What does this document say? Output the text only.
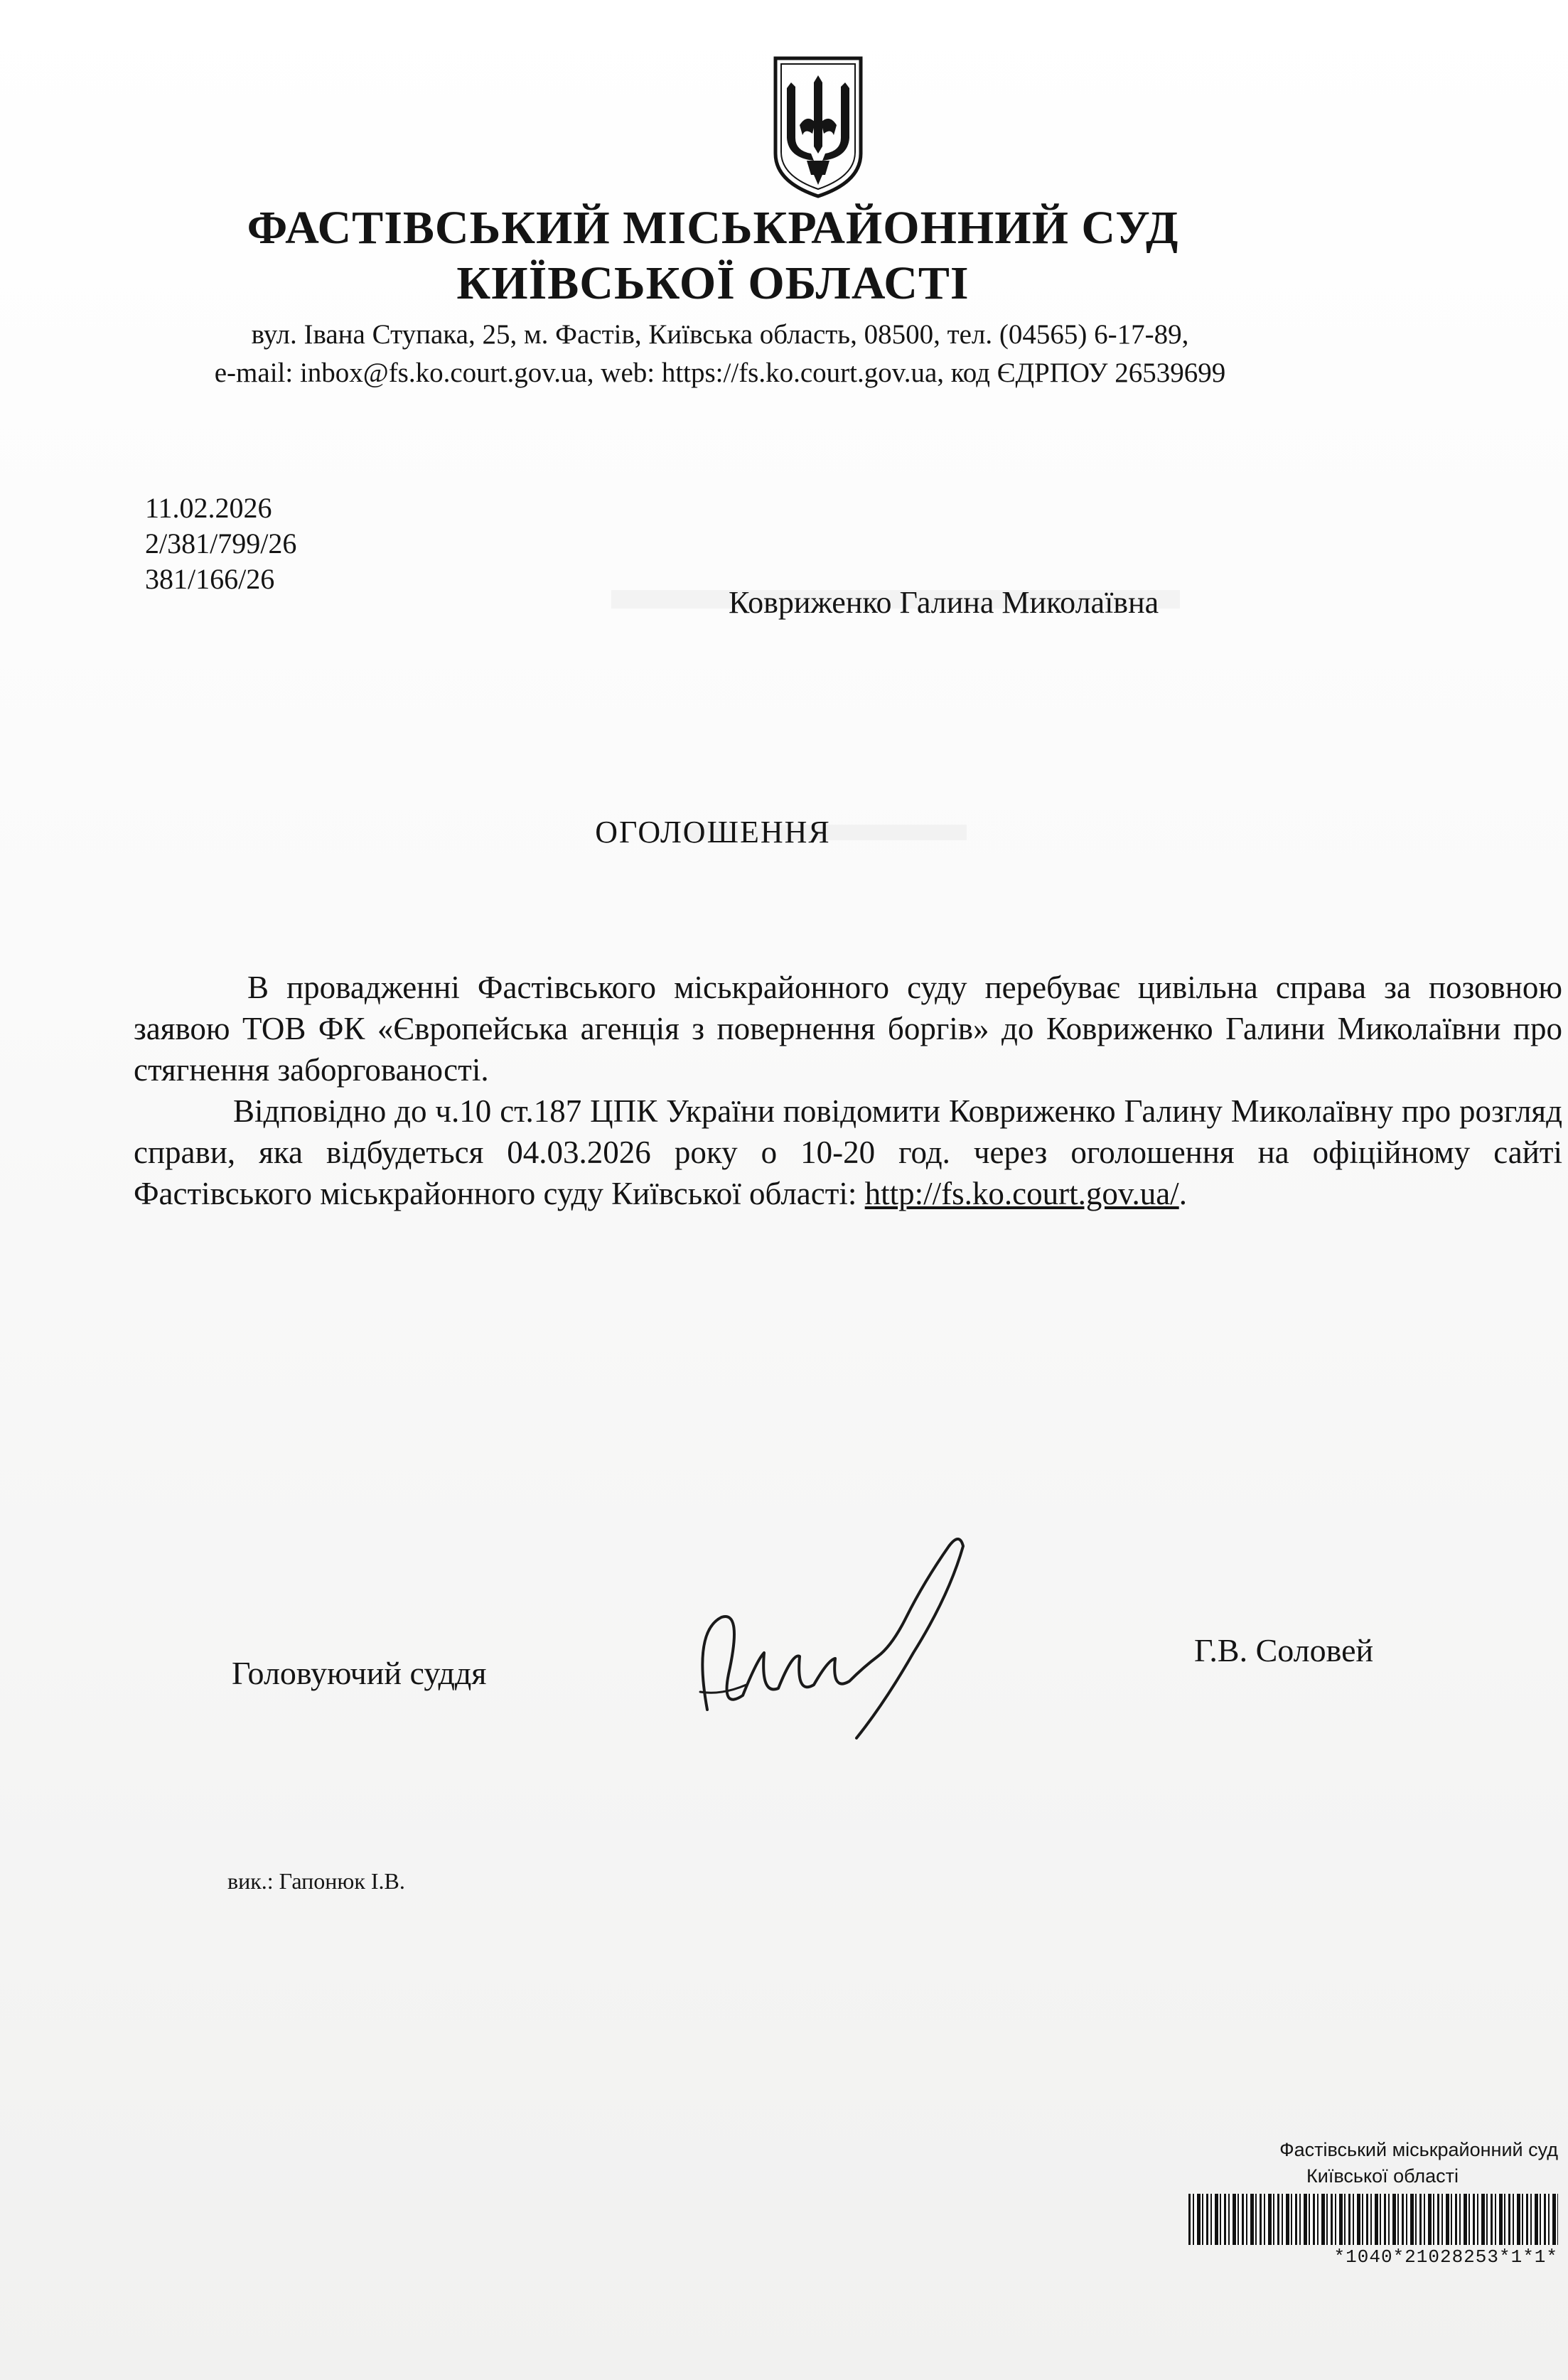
ФАСТІВСЬКИЙ МІСЬКРАЙОННИЙ СУД
КИЇВСЬКОЇ ОБЛАСТІ
вул. Івана Ступака, 25, м. Фастів, Київська область, 08500, тел. (04565) 6-17-89,
e-mail: inbox@fs.ko.court.gov.ua, web: https://fs.ko.court.gov.ua, код ЄДРПОУ 26539699
11.02.2026
2/381/799/26
381/166/26
Ковриженко Галина Миколаївна
ОГОЛОШЕННЯ

В провадженні Фастівського міськрайонного суду перебуває цивільна справа за позовною заявою ТОВ ФК «Європейська агенція з повернення боргів» до Ковриженко Галини Миколаївни про стягнення заборгованості.

Відповідно до ч.10 ст.187 ЦПК України повідомити Ковриженко Галину Миколаївну про розгляд справи, яка відбудеться 04.03.2026 року о 10-20 год. через оголошення на офіційному сайті Фастівського міськрайонного суду Київської області: http://fs.ko.court.gov.ua/.

Головуючий суддя
Г.В. Соловей
вик.: Гапонюк І.В.
Фастівський міськрайонний суд
Київської області
*1040*21028253*1*1*
